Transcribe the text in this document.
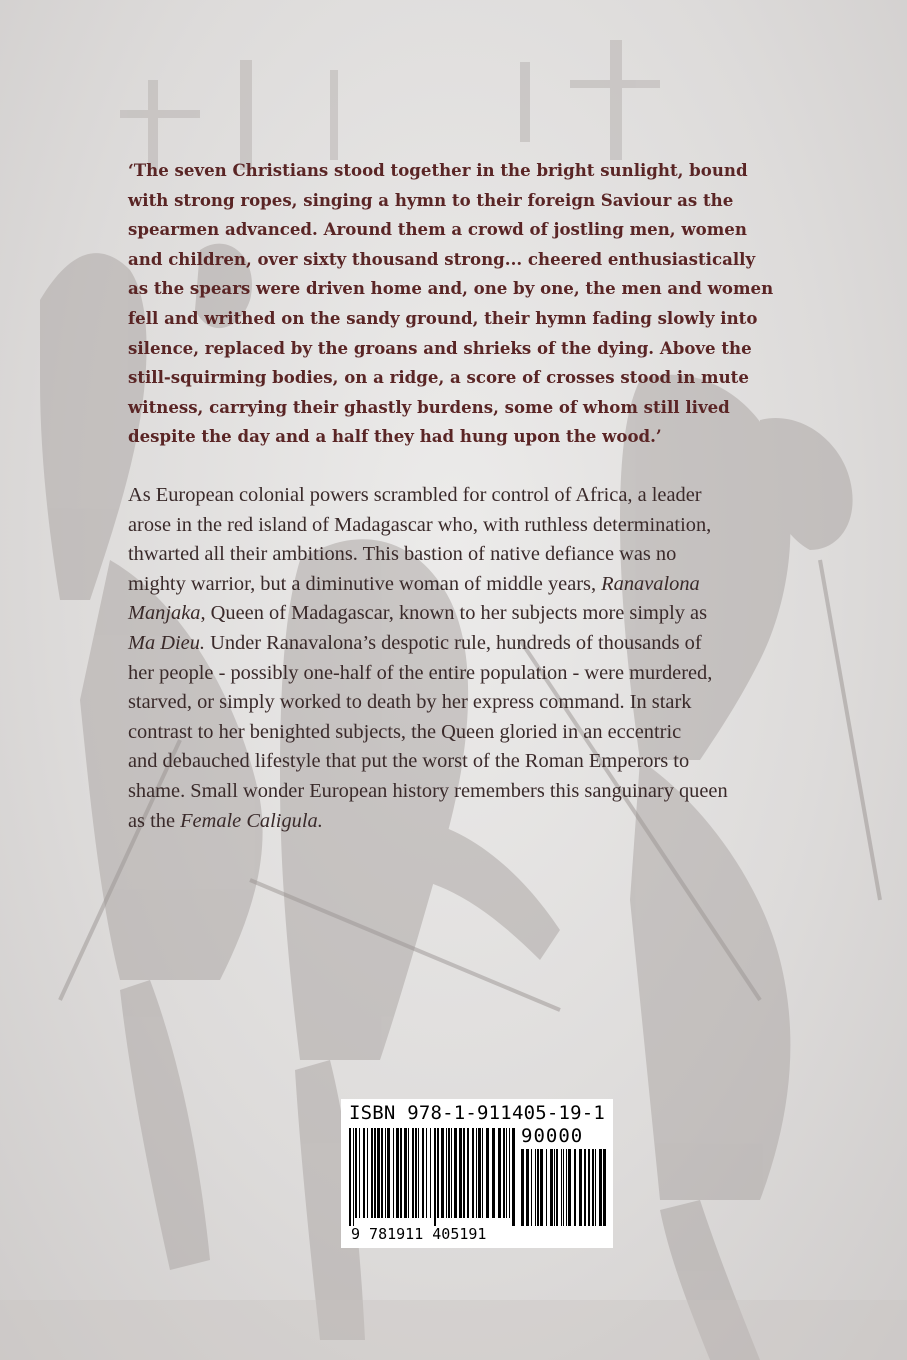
‘The seven Christians stood together in the bright sunlight, bound
with strong ropes, singing a hymn to their foreign Saviour as the
spearmen advanced. Around them a crowd of jostling men, women
and children, over sixty thousand strong... cheered enthusiastically
as the spears were driven home and, one by one, the men and women
fell and writhed on the sandy ground, their hymn fading slowly into
silence, replaced by the groans and shrieks of the dying. Above the
still-squirming bodies, on a ridge, a score of crosses stood in mute
witness, carrying their ghastly burdens, some of whom still lived
despite the day and a half they had hung upon the wood.’
As European colonial powers scrambled for control of Africa, a leader
arose in the red island of Madagascar who, with ruthless determination,
thwarted all their ambitions. This bastion of native defiance was no
mighty warrior, but a diminutive woman of middle years, Ranavalona
Manjaka, Queen of Madagascar, known to her subjects more simply as
Ma Dieu. Under Ranavalona’s despotic rule, hundreds of thousands of
her people - possibly one-half of the entire population - were murdered,
starved, or simply worked to death by her express command. In stark
contrast to her benighted subjects, the Queen gloried in an eccentric
and debauched lifestyle that put the worst of the Roman Emperors to
shame. Small wonder European history remembers this sanguinary queen
as the Female Caligula.
ISBN 978-1-911405-19-1
90000
9 781911 405191
